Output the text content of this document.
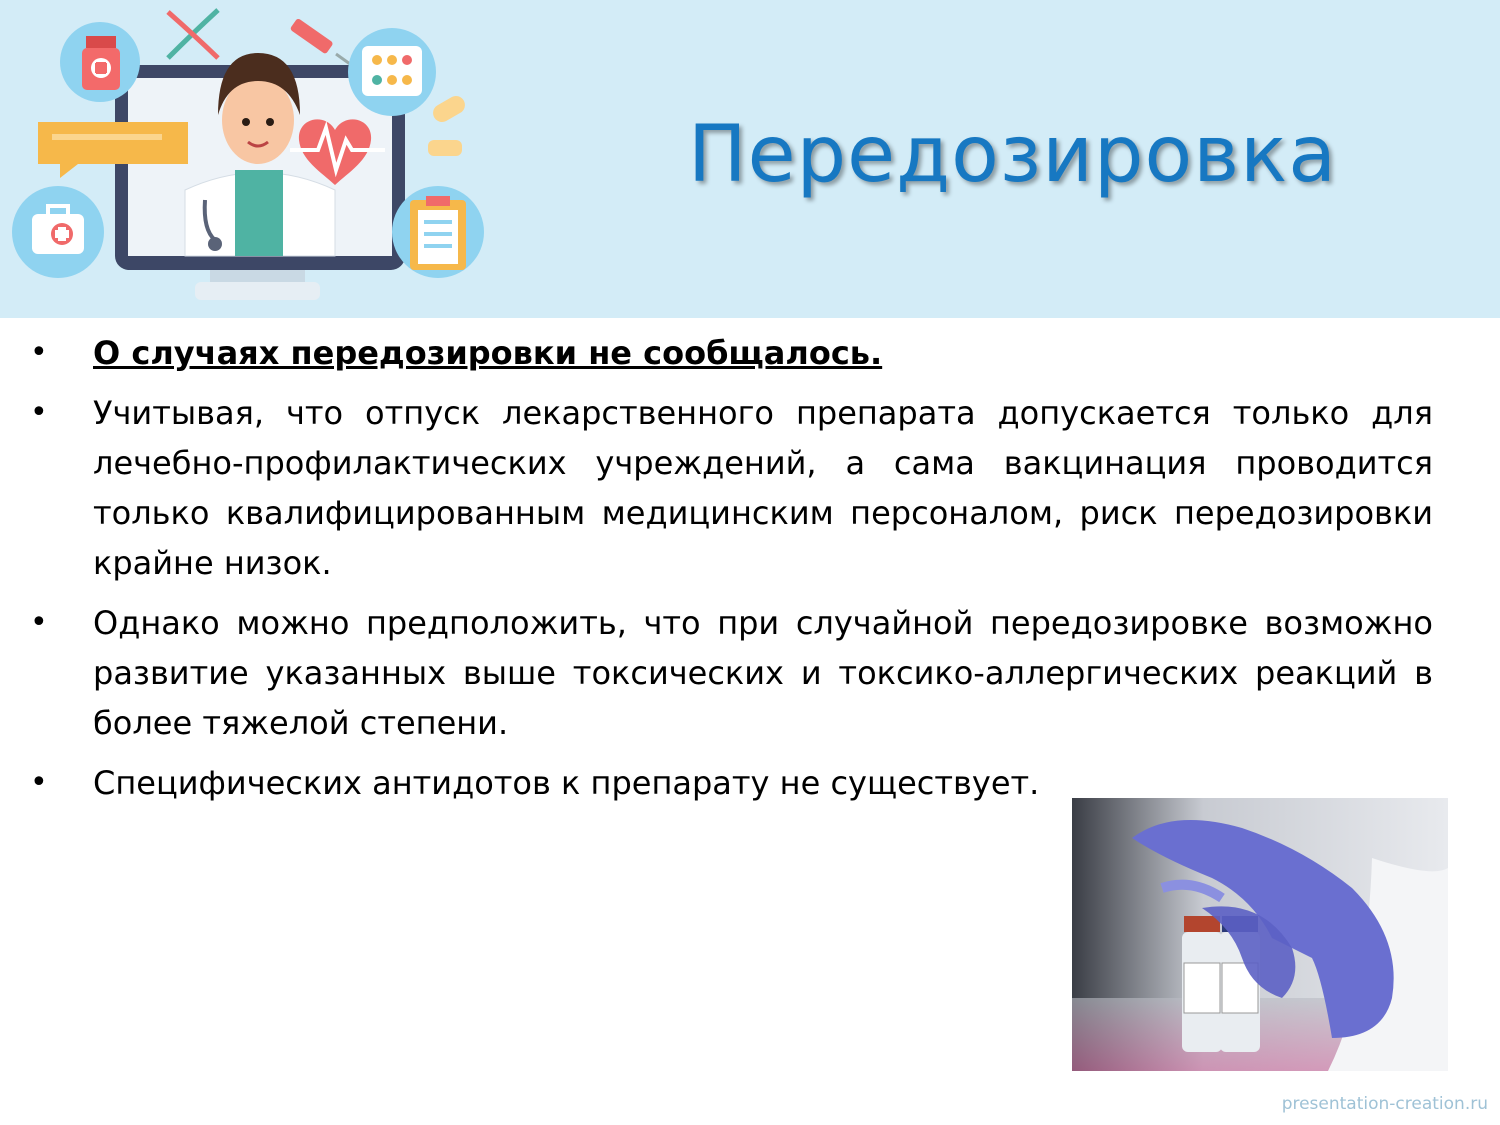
Передозировка

• О случаях передозировки не сообщалось.

• Учитывая, что отпуск лекарственного препарата допускается только для лечебно-профилактических учреждений, а сама вакцинация проводится только квалифицированным медицинским персоналом, риск передозировки крайне низок.

• Однако можно предположить, что при случайной передозировке возможно развитие указанных выше токсических и токсико-аллергических реакций в более тяжелой степени.

• Специфических антидотов к препарату не существует.

presentation-creation.ru
